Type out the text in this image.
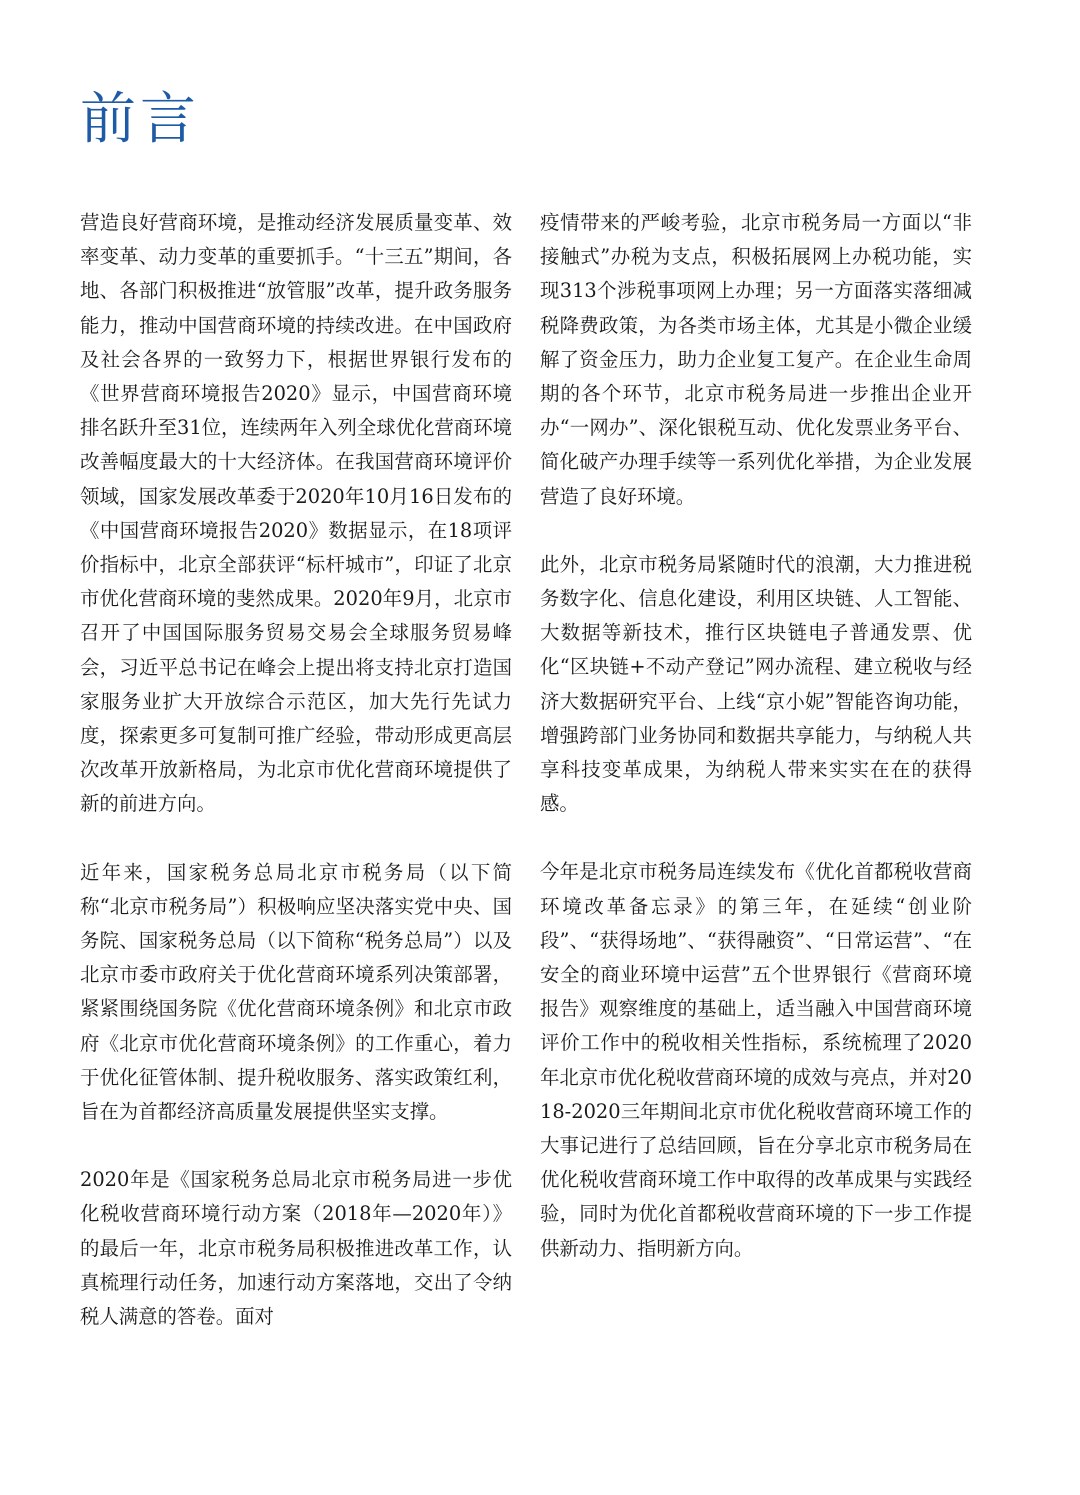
前言

营造良好营商环境，是推动经济发展质量变革、效率变革、动力变革的重要抓手。“十三五”期间，各地、各部门积极推进“放管服”改革，提升政务服务能力，推动中国营商环境的持续改进。在中国政府及社会各界的一致努力下，根据世界银行发布的《世界营商环境报告2020》显示，中国营商环境排名跃升至31位，连续两年入列全球优化营商环境改善幅度最大的十大经济体。在我国营商环境评价领域，国家发展改革委于2020年10月16日发布的《中国营商环境报告2020》数据显示，在18项评价指标中，北京全部获评“标杆城市”，印证了北京市优化营商环境的斐然成果。2020年9月，北京市召开了中国国际服务贸易交易会全球服务贸易峰会，习近平总书记在峰会上提出将支持北京打造国家服务业扩大开放综合示范区，加大先行先试力度，探索更多可复制可推广经验，带动形成更高层次改革开放新格局，为北京市优化营商环境提供了新的前进方向。

近年来，国家税务总局北京市税务局（以下简称“北京市税务局”）积极响应坚决落实党中央、国务院、国家税务总局（以下简称“税务总局”）以及北京市委市政府关于优化营商环境系列决策部署，紧紧围绕国务院《优化营商环境条例》和北京市政府《北京市优化营商环境条例》的工作重心，着力于优化征管体制、提升税收服务、落实政策红利，旨在为首都经济高质量发展提供坚实支撑。

2020年是《国家税务总局北京市税务局进一步优化税收营商环境行动方案（2018年—2020年）》的最后一年，北京市税务局积极推进改革工作，认真梳理行动任务，加速行动方案落地，交出了令纳税人满意的答卷。面对

疫情带来的严峻考验，北京市税务局一方面以“非接触式”办税为支点，积极拓展网上办税功能，实现313个涉税事项网上办理；另一方面落实落细减税降费政策，为各类市场主体，尤其是小微企业缓解了资金压力，助力企业复工复产。在企业生命周期的各个环节，北京市税务局进一步推出企业开办“一网办”、深化银税互动、优化发票业务平台、简化破产办理手续等一系列优化举措，为企业发展营造了良好环境。

此外，北京市税务局紧随时代的浪潮，大力推进税务数字化、信息化建设，利用区块链、人工智能、大数据等新技术，推行区块链电子普通发票、优化“区块链+不动产登记”网办流程、建立税收与经济大数据研究平台、上线“京小妮”智能咨询功能，增强跨部门业务协同和数据共享能力，与纳税人共享科技变革成果，为纳税人带来实实在在的获得感。

今年是北京市税务局连续发布《优化首都税收营商环境改革备忘录》的第三年，在延续“创业阶段”、“获得场地”、“获得融资”、“日常运营”、“在安全的商业环境中运营”五个世界银行《营商环境报告》观察维度的基础上，适当融入中国营商环境评价工作中的税收相关性指标，系统梳理了2020年北京市优化税收营商环境的成效与亮点，并对2018-2020三年期间北京市优化税收营商环境工作的大事记进行了总结回顾，旨在分享北京市税务局在优化税收营商环境工作中取得的改革成果与实践经验，同时为优化首都税收营商环境的下一步工作提供新动力、指明新方向。
